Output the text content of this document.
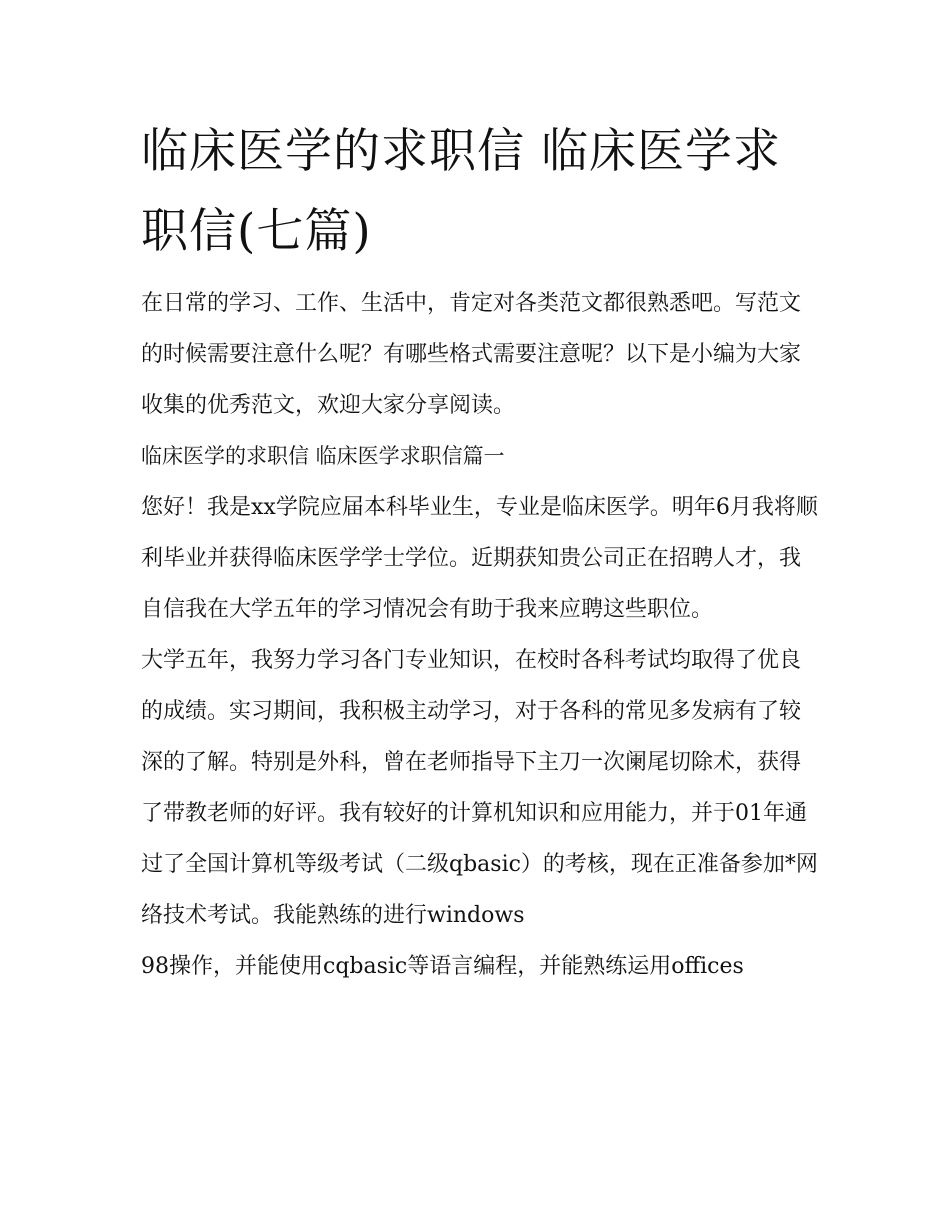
临床医学的求职信 临床医学求职信(七篇)

在日常的学习、工作、生活中，肯定对各类范文都很熟悉吧。写范文的时候需要注意什么呢？有哪些格式需要注意呢？以下是小编为大家收集的优秀范文，欢迎大家分享阅读。

临床医学的求职信 临床医学求职信篇一

您好！我是xx学院应届本科毕业生，专业是临床医学。明年6月我将顺利毕业并获得临床医学学士学位。近期获知贵公司正在招聘人才，我自信我在大学五年的学习情况会有助于我来应聘这些职位。

大学五年，我努力学习各门专业知识，在校时各科考试均取得了优良的成绩。实习期间，我积极主动学习，对于各科的常见多发病有了较深的了解。特别是外科，曾在老师指导下主刀一次阑尾切除术，获得了带教老师的好评。我有较好的计算机知识和应用能力，并于01年通过了全国计算机等级考试（二级qbasic）的考核，现在正准备参加*网络技术考试。我能熟练的进行windows

98操作，并能使用cqbasic等语言编程，并能熟练运用offices
